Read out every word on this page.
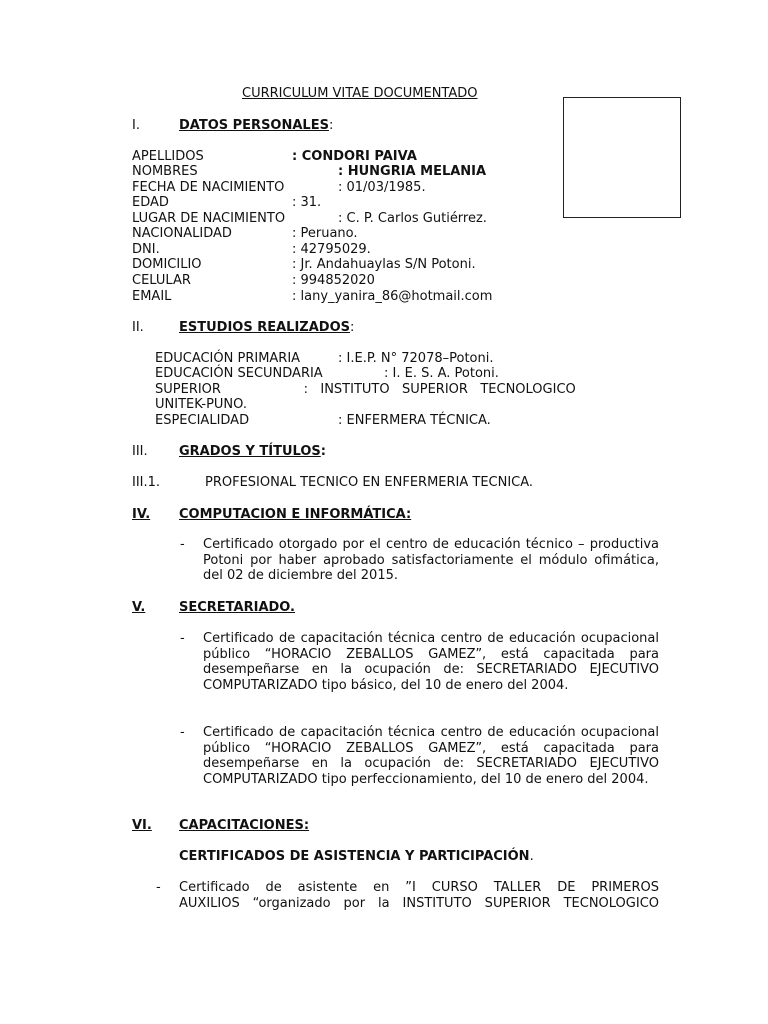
CURRICULUM VITAE DOCUMENTADO
I.	DATOS PERSONALES:
APELLIDOS	: CONDORI PAIVA
NOMBRES	: HUNGRIA MELANIA
FECHA DE NACIMIENTO	: 01/03/1985.
EDAD	: 31.
LUGAR DE NACIMIENTO	: C. P. Carlos Gutiérrez.
NACIONALIDAD	: Peruano.
DNI.	: 42795029.
DOMICILIO	: Jr. Andahuaylas S/N Potoni.
CELULAR	: 994852020
EMAIL	: lany_yanira_86@hotmail.com
II.	ESTUDIOS REALIZADOS:
EDUCACIÓN PRIMARIA	: I.E.P. N° 72078–Potoni.
EDUCACIÓN SECUNDARIA	: I. E. S. A. Potoni.
SUPERIOR                    :   INSTITUTO   SUPERIOR   TECNOLOGICO
UNITEK-PUNO.
ESPECIALIDAD	: ENFERMERA TÉCNICA.
III. GRADOS Y TÍTULOS:
III.1.	PROFESIONAL TECNICO EN ENFERMERIA TECNICA.
IV. COMPUTACION E INFORMÁTICA:
- Certificado otorgado por el centro de educación técnico – productiva Potoni por haber aprobado satisfactoriamente el módulo ofimática, del 02 de diciembre del 2015.
V.	SECRETARIADO.
- Certificado de capacitación técnica centro de educación ocupacional público “HORACIO ZEBALLOS GAMEZ”, está capacitada para desempeñarse en la ocupación de: SECRETARIADO EJECUTIVO COMPUTARIZADO tipo básico, del 10 de enero del 2004.
- Certificado de capacitación técnica centro de educación ocupacional público “HORACIO ZEBALLOS GAMEZ”, está capacitada para desempeñarse en la ocupación de: SECRETARIADO EJECUTIVO COMPUTARIZADO tipo perfeccionamiento, del 10 de enero del 2004.
VI. CAPACITACIONES:
CERTIFICADOS DE ASISTENCIA Y PARTICIPACIÓN.
- Certificado de asistente en ”I CURSO TALLER DE PRIMEROS
AUXILIOS “organizado por la INSTITUTO SUPERIOR TECNOLOGICO
